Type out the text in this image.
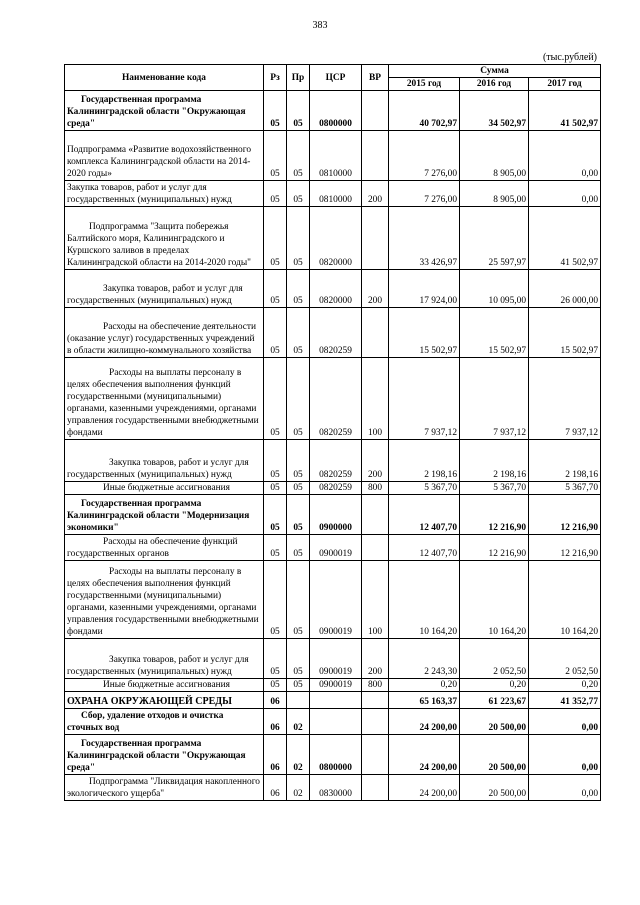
383
(тыс.рублей)
Наименование кода	Рз	Пр	ЦСР	ВР	Сумма		
					2015 год	2016 год	2017 год
Государственная программа Калининградской области "Окружающая среда"	05	05	0800000		40 702,97	34 502,97	41 502,97
Подпрограмма «Развитие водохозяйственного комплекса Калининградской области на 2014-2020 годы»	05	05	0810000		7 276,00	8 905,00	0,00
Закупка товаров, работ и услуг для государственных (муниципальных) нужд	05	05	0810000	200	7 276,00	8 905,00	0,00
Подпрограмма "Защита побережья Балтийского моря, Калининградского и Куршского заливов в пределах Калининградской области на 2014-2020 годы"	05	05	0820000		33 426,97	25 597,97	41 502,97
Закупка товаров, работ и услуг для государственных (муниципальных) нужд	05	05	0820000	200	17 924,00	10 095,00	26 000,00
Расходы на обеспечение деятельности (оказание услуг) государственных учреждений в области жилищно-коммунального хозяйства	05	05	0820259		15 502,97	15 502,97	15 502,97
Расходы на выплаты персоналу в целях обеспечения выполнения функций государственными (муниципальными) органами, казенными учреждениями, органами управления государственными внебюджетными фондами	05	05	0820259	100	7 937,12	7 937,12	7 937,12
Закупка товаров, работ и услуг для государственных (муниципальных) нужд	05	05	0820259	200	2 198,16	2 198,16	2 198,16
Иные бюджетные ассигнования	05	05	0820259	800	5 367,70	5 367,70	5 367,70
Государственная программа Калининградской области "Модернизация экономики"	05	05	0900000		12 407,70	12 216,90	12 216,90
Расходы на обеспечение функций государственных органов	05	05	0900019		12 407,70	12 216,90	12 216,90
Расходы на выплаты персоналу в целях обеспечения выполнения функций государственными (муниципальными) органами, казенными учреждениями, органами управления государственными внебюджетными фондами	05	05	0900019	100	10 164,20	10 164,20	10 164,20
Закупка товаров, работ и услуг для государственных (муниципальных) нужд	05	05	0900019	200	2 243,30	2 052,50	2 052,50
Иные бюджетные ассигнования	05	05	0900019	800	0,20	0,20	0,20
ОХРАНА ОКРУЖАЮЩЕЙ СРЕДЫ	06				65 163,37	61 223,67	41 352,77
Сбор, удаление отходов и очистка сточных вод	06	02			24 200,00	20 500,00	0,00
Государственная программа Калининградской области "Окружающая среда"	06	02	0800000		24 200,00	20 500,00	0,00
Подпрограмма "Ликвидация накопленного экологического ущерба"	06	02	0830000		24 200,00	20 500,00	0,00
